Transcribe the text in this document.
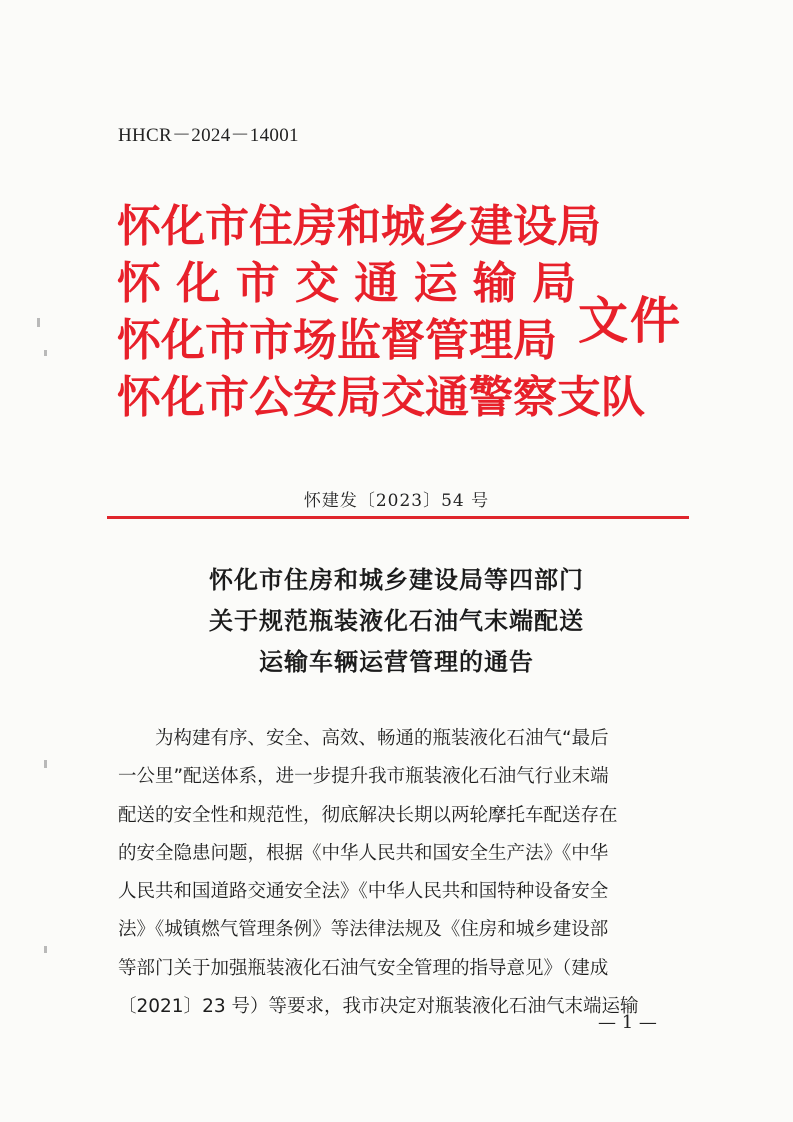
HHCR－2024－14001
怀化市住房和城乡建设局
怀 化 市 交 通 运 输 局
怀化市市场监督管理局
怀化市公安局交通警察支队
文件
怀建发〔2023〕54 号
怀化市住房和城乡建设局等四部门
关于规范瓶装液化石油气末端配送
运输车辆运营管理的通告
为构建有序、安全、高效、畅通的瓶装液化石油气“最后
一公里”配送体系，进一步提升我市瓶装液化石油气行业末端
配送的安全性和规范性，彻底解决长期以两轮摩托车配送存在
的安全隐患问题，根据《中华人民共和国安全生产法》《中华
人民共和国道路交通安全法》《中华人民共和国特种设备安全
法》《城镇燃气管理条例》等法律法规及《住房和城乡建设部
等部门关于加强瓶装液化石油气安全管理的指导意见》（建成
〔2021〕23 号）等要求，我市决定对瓶装液化石油气末端运输
— 1 —
